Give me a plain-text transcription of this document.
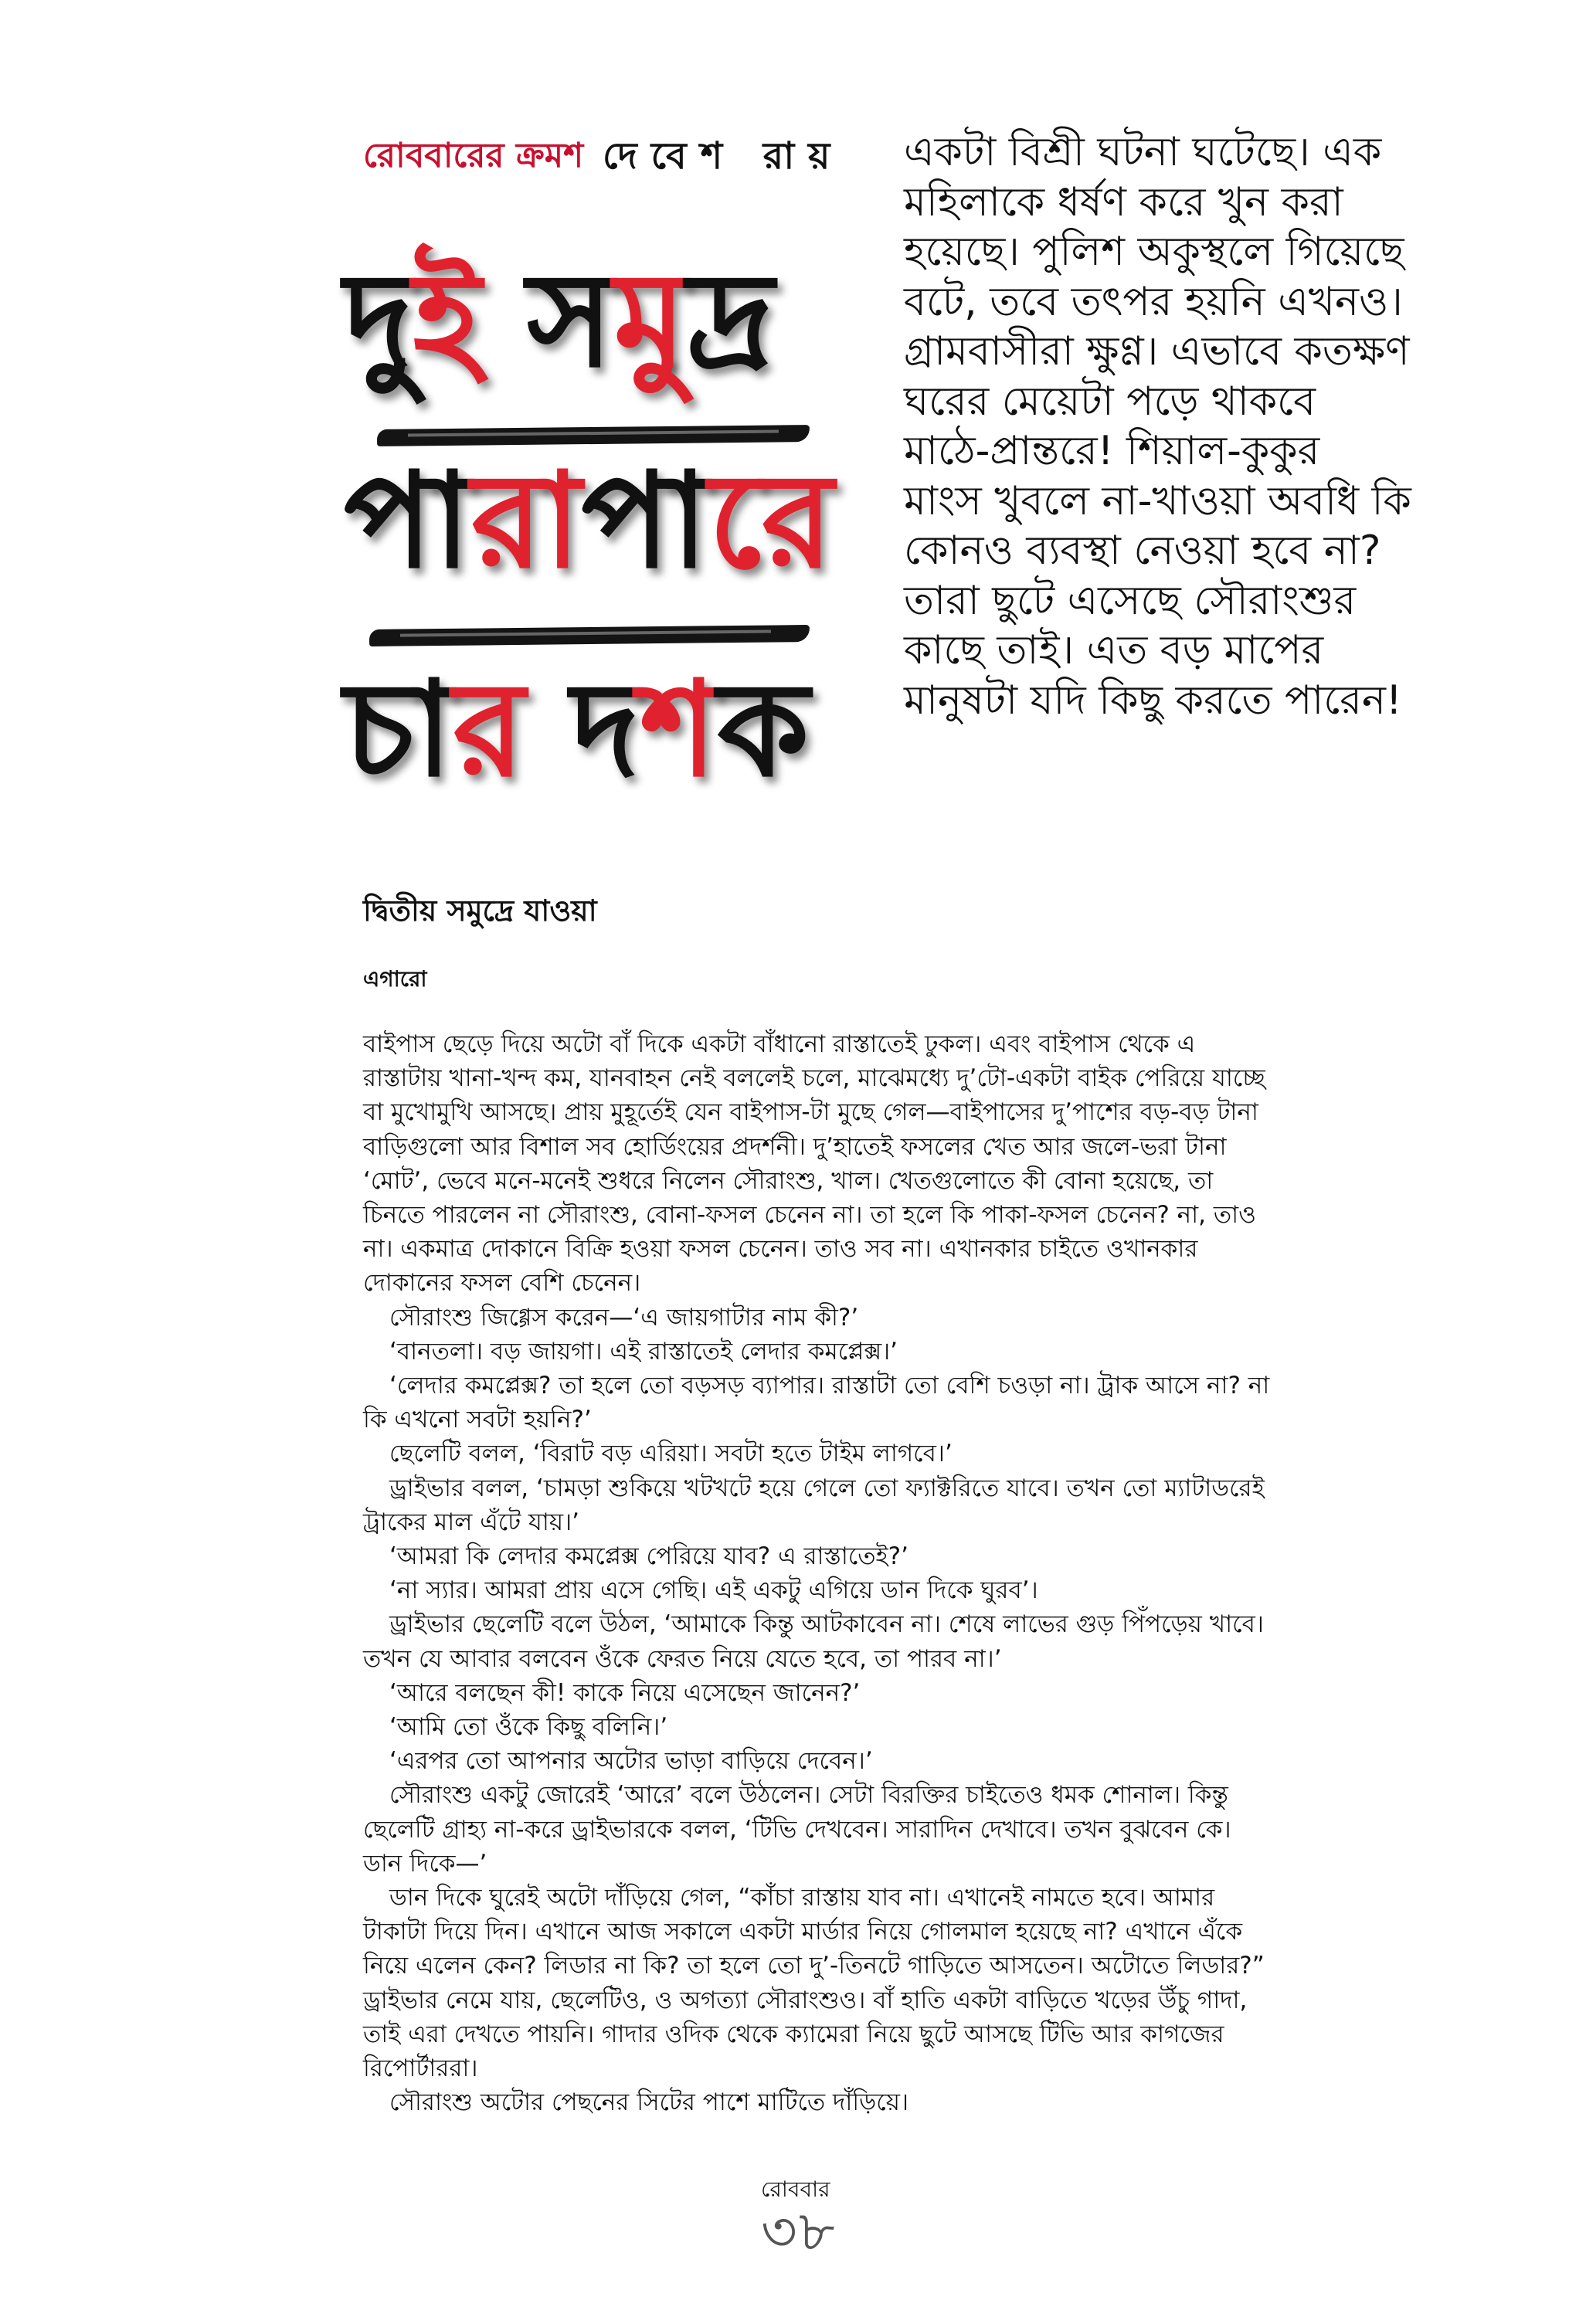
রোববারের ক্রমশ দেবেশ রায়
দুই সমুদ্র
পারাপারে
চার দশক
একটা বিশ্রী ঘটনা ঘটেছে। এক
মহিলাকে ধর্ষণ করে খুন করা
হয়েছে। পুলিশ অকুস্থলে গিয়েছে
বটে, তবে তৎপর হয়নি এখনও।
গ্রামবাসীরা ক্ষুণ্ণ। এভাবে কতক্ষণ
ঘরের মেয়েটা পড়ে থাকবে
মাঠে-প্রান্তরে! শিয়াল-কুকুর
মাংস খুবলে না-খাওয়া অবধি কি
কোনও ব্যবস্থা নেওয়া হবে না?
তারা ছুটে এসেছে সৌরাংশুর
কাছে তাই। এত বড় মাপের
মানুষটা যদি কিছু করতে পারেন!
দ্বিতীয় সমুদ্রে যাওয়া
এগারো
বাইপাস ছেড়ে দিয়ে অটো বাঁ দিকে একটা বাঁধানো রাস্তাতেই ঢুকল। এবং বাইপাস থেকে এ
রাস্তাটায় খানা-খন্দ কম, যানবাহন নেই বললেই চলে, মাঝেমধ্যে দু’টো-একটা বাইক পেরিয়ে যাচ্ছে
বা মুখোমুখি আসছে। প্রায় মুহূর্তেই যেন বাইপাস-টা মুছে গেল—বাইপাসের দু’পাশের বড়-বড় টানা
বাড়িগুলো আর বিশাল সব হোর্ডিংয়ের প্রদর্শনী। দু’হাতেই ফসলের খেত আর জলে-ভরা টানা
‘মোট’, ভেবে মনে-মনেই শুধরে নিলেন সৌরাংশু, খাল। খেতগুলোতে কী বোনা হয়েছে, তা
চিনতে পারলেন না সৌরাংশু, বোনা-ফসল চেনেন না। তা হলে কি পাকা-ফসল চেনেন? না, তাও
না। একমাত্র দোকানে বিক্রি হওয়া ফসল চেনেন। তাও সব না। এখানকার চাইতে ওখানকার
দোকানের ফসল বেশি চেনেন।
সৌরাংশু জিগ্গেস করেন—‘এ জায়গাটার নাম কী?’
‘বানতলা। বড় জায়গা। এই রাস্তাতেই লেদার কমপ্লেক্স।’
‘লেদার কমপ্লেক্স? তা হলে তো বড়সড় ব্যাপার। রাস্তাটা তো বেশি চওড়া না। ট্রাক আসে না? না
কি এখনো সবটা হয়নি?’
ছেলেটি বলল, ‘বিরাট বড় এরিয়া। সবটা হতে টাইম লাগবে।’
ড্রাইভার বলল, ‘চামড়া শুকিয়ে খটখটে হয়ে গেলে তো ফ্যাক্টরিতে যাবে। তখন তো ম্যাটাডরেই
ট্রাকের মাল এঁটে যায়।’
‘আমরা কি লেদার কমপ্লেক্স পেরিয়ে যাব? এ রাস্তাতেই?’
‘না স্যার। আমরা প্রায় এসে গেছি। এই একটু এগিয়ে ডান দিকে ঘুরব’।
ড্রাইভার ছেলেটি বলে উঠল, ‘আমাকে কিন্তু আটকাবেন না। শেষে লাভের গুড় পিঁপড়েয় খাবে।
তখন যে আবার বলবেন ওঁকে ফেরত নিয়ে যেতে হবে, তা পারব না।’
‘আরে বলছেন কী! কাকে নিয়ে এসেছেন জানেন?’
‘আমি তো ওঁকে কিছু বলিনি।’
‘এরপর তো আপনার অটোর ভাড়া বাড়িয়ে দেবেন।’
সৌরাংশু একটু জোরেই ‘আরে’ বলে উঠলেন। সেটা বিরক্তির চাইতেও ধমক শোনাল। কিন্তু
ছেলেটি গ্রাহ্য না-করে ড্রাইভারকে বলল, ‘টিভি দেখবেন। সারাদিন দেখাবে। তখন বুঝবেন কে।
ডান দিকে—’
ডান দিকে ঘুরেই অটো দাঁড়িয়ে গেল, “কাঁচা রাস্তায় যাব না। এখানেই নামতে হবে। আমার
টাকাটা দিয়ে দিন। এখানে আজ সকালে একটা মার্ডার নিয়ে গোলমাল হয়েছে না? এখানে এঁকে
নিয়ে এলেন কেন? লিডার না কি? তা হলে তো দু’-তিনটে গাড়িতে আসতেন। অটোতে লিডার?”
ড্রাইভার নেমে যায়, ছেলেটিও, ও অগত্যা সৌরাংশুও। বাঁ হাতি একটা বাড়িতে খড়ের উঁচু গাদা,
তাই এরা দেখতে পায়নি। গাদার ওদিক থেকে ক্যামেরা নিয়ে ছুটে আসছে টিভি আর কাগজের
রিপোর্টাররা।
সৌরাংশু অটোর পেছনের সিটের পাশে মাটিতে দাঁড়িয়ে।
রোববার
৩৮
